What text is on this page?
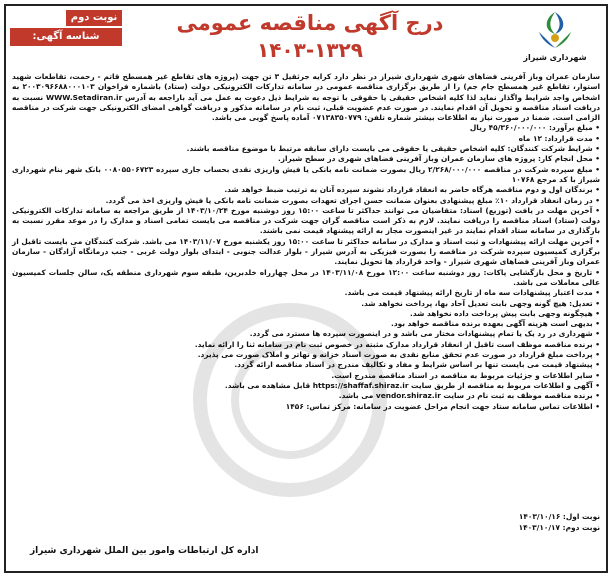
نوبت دوم
شناسه آگهی: ۱۸۵۸۴۸۷
درج آگهی مناقصه عمومی
۱۴۰۳-۱۳۲۹	شهرداری شیراز

سازمان عمران وباز آفرینی فضاهای شهری شهرداری شیراز در نظر دارد کرایه جرثقیل ۳ تن جهت (پروژه های تقاطع غیر همسطح قاتم - رحمت، تقاطعات شهید استوار، تقاطع غیر همسطح جام جم) را از طریق برگزاری مناقصه عمومی در سامانه تدارکات الکترونیکی دولت (ستاد) باشماره فراخوان ۲۰۰۳۰۹۶۶۸۸۰۰۰۱۰۳ به اشخاص واجد شرایط واگذار نماید لذا کلیه اشخاص حقیقی یا حقوقی با توجه به شرایط ذیل دعوت به عمل می آید باراجعه به آدرس WWW.Setadiran.ir نسبت به دریافت اسناد مناقصه و تحویل آن اقدام نمایند. در صورت عدم عضویت قبلی، ثبت نام در سامانه مذکور و دریافت گواهی امضای الکترونیکی جهت شرکت در مناقصه الزامی است. ضمنا در صورت نیاز به اطلاعات بیشتر شماره تلفن: ۰۷۱۳۸۳۵۰۷۷۹ آماده پاسخ گویی می باشد.

• مبلغ برآورد: ۴۵/۳۶۰/۰۰۰/۰۰۰ ریال

• مدت قرارداد: ۱۲ ماه

• شرایط شرکت کنندگان: کلیه اشخاص حقیقی یا حقوقی می بایست دارای سابقه مرتبط با موضوع مناقصه باشند.

• محل انجام کار: پروژه های سازمان عمران وباز آفرینی فضاهای شهری در سطح شیراز.

• مبلغ سپرده شرکت در مناقصه ۲/۲۶۸/۰۰۰/۰۰۰ ریال بصورت ضمانت نامه بانکی یا فیش واریزی نقدی بحساب جاری سپرده ۰۰۸۰۵۵۰۶۷۲۳ بانک شهر بنام شهرداری شیراز با کد مرجع ۱۰۷۶۸

• برندگان اول و دوم مناقصه هرگاه حاضر به انعقاد قرارداد نشوند سپرده آنان به ترتیب ضبط خواهد شد.

• در زمان انعقاد قرارداد ۱۰٪ مبلغ پیشنهادی بعنوان ضمانت حسن اجرای تعهدات بصورت ضمانت نامه بانکی یا فیش واریزی اخذ می گردد.

• آخرین مهلت در یافت (توزیع) اسناد: متقاضیان می توانند حداکثر تا ساعت ۱۵:۰۰ روز دوشنبه مورخ ۱۴۰۳/۱۰/۲۴ از طریق مراجعه به سامانه تدارکات الکترونیکی دولت (ستاد) اسناد مناقصه را دریافت نمایند. لازم به ذکر است مناقصه گران جهت شرکت در مناقصه می بایست تمامی اسناد و مدارک را در موعد مقرر نسبت به بارگذاری در سامانه ستاد اقدام نمایند در غیر اینصورت مجاز به ارائه پیشنهاد قیمت نمی باشند.

• آخرین مهلت ارائه پیشنهادات و ثبت اسناد و مدارک در سامانه حداکثر تا ساعت ۱۵:۰۰ روز یکشنبه مورخ ۱۴۰۳/۱۱/۰۷ می باشد. شرکت کنندگان می بایست تاقبل از برگزاری کمیسیون سپرده شرکت در مناقصه را بصورت فیزیکی به آدرس شیراز - بلوار عدالت جنوبی - ابتدای بلوار دولت غربی - جنب درمانگاه آزادگان - سازمان عمران وباز آفرینی فضاهای شهری شیراز - واحد قرارداد ها تحویل نمایند.

• تاریخ و محل بازگشایی پاکات: روز دوشنبه ساعت ۱۲:۰۰ مورخ ۱۴۰۳/۱۱/۰۸ در محل چهارراه خلدبرین، طبقه سوم شهرداری منطقه یک، سالن جلسات کمیسیون عالی معاملات می باشد.

• مدت اعتبار پیشنهادات سه ماه از تاریخ ارائه پیشنهاد قیمت می باشد.

• تعدیل: هیچ گونه وجهی بابت تعدیل آحاد بها، پرداخت نخواهد شد.

• هیچگونه وجهی بابت پیش پرداخت داده نخواهد شد.

• بدیهی است هزینه آگهی بعهده برنده مناقصه خواهد بود.

• شهرداری در رد یک یا تمام پیشنهادات مختار می باشد و در اینصورت سپرده ها مسترد می گردد.

• برنده مناقصه موظف است تاقبل از انعقاد قرارداد مدارک مثبته در خصوص ثبت نام در سامانه ثنا را ارائه نماید.

• پرداخت مبلغ قرارداد در صورت عدم تحقق منابع نقدی به صورت اسناد خزانه و تهاتر و املاک صورت می پذیرد.

• پیشنهاد قیمت می بایست تنها بر اساس شرایط و مفاد و تکالیف مندرج در اسناد مناقصه ارائه گردد.

• سایر اطلاعات و جزئیات مربوط به مناقصه در اسناد مناقصه مندرج است.

• آگهی و اطلاعات مربوط به مناقصه از طریق سایت https://shaffaf.shiraz.ir قابل مشاهده می باشد.

• برنده مناقصه موظف به ثبت نام در سایت vendor.shiraz.ir می باشد.

• اطلاعات تماس سامانه ستاد جهت انجام مراحل عضویت در سامانه: مرکز تماس: ۱۴۵۶

نوبت اول: ۱۴۰۳/۱۰/۱۶
نوبت دوم: ۱۴۰۳/۱۰/۱۷
اداره کل ارتباطات وامور بین الملل شهرداری شیراز
